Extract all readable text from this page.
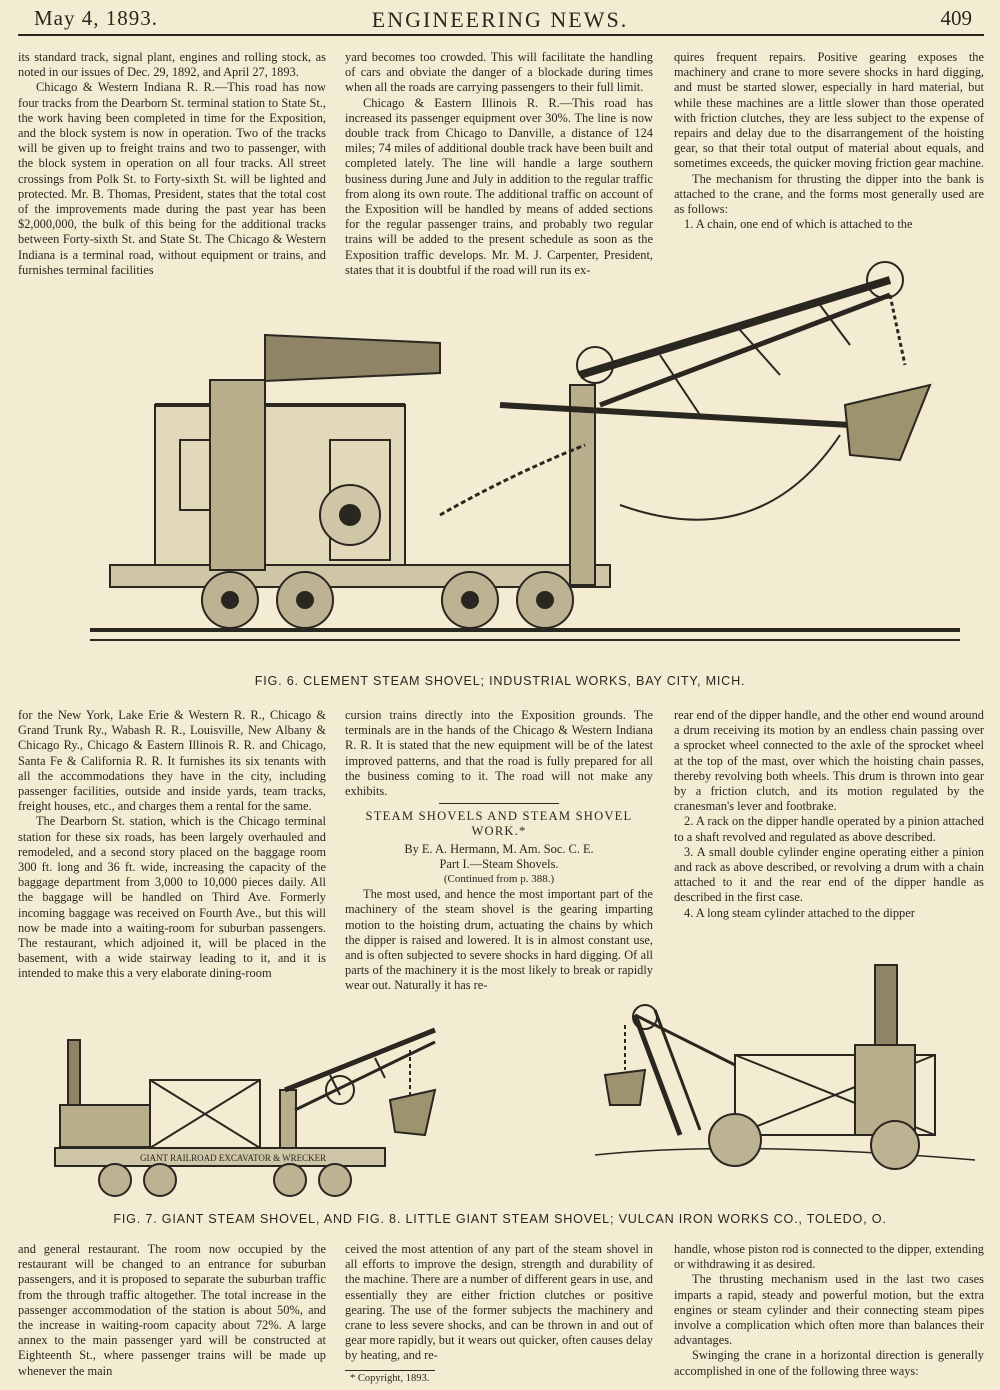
May 4, 1893.	ENGINEERING NEWS.	409

its standard track, signal plant, engines and rolling stock, as noted in our issues of Dec. 29, 1892, and April 27, 1893.

Chicago & Western Indiana R. R.—This road has now four tracks from the Dearborn St. terminal station to State St., the work having been completed in time for the Exposition, and the block system is now in operation. Two of the tracks will be given up to freight trains and two to passenger, with the block system in operation on all four tracks. All street crossings from Polk St. to Forty-sixth St. will be lighted and protected. Mr. B. Thomas, President, states that the total cost of the improvements made during the past year has been $2,000,000, the bulk of this being for the additional tracks between Forty-sixth St. and State St. The Chicago & Western Indiana is a terminal road, without equipment or trains, and furnishes terminal facilities

yard becomes too crowded. This will facilitate the handling of cars and obviate the danger of a blockade during times when all the roads are carrying passengers to their full limit.

Chicago & Eastern Illinois R. R.—This road has increased its passenger equipment over 30%. The line is now double track from Chicago to Danville, a distance of 124 miles; 74 miles of additional double track have been built and completed lately. The line will handle a large southern business during June and July in addition to the regular traffic from along its own route. The additional traffic on account of the Exposition will be handled by means of added sections for the regular passenger trains, and probably two regular trains will be added to the present schedule as soon as the Exposition traffic develops. Mr. M. J. Carpenter, President, states that it is doubtful if the road will run its ex-

quires frequent repairs. Positive gearing exposes the machinery and crane to more severe shocks in hard digging, and must be started slower, especially in hard material, but while these machines are a little slower than those operated with friction clutches, they are less subject to the expense of repairs and delay due to the disarrangement of the hoisting gear, so that their total output of material about equals, and sometimes exceeds, the quicker moving friction gear machine.

The mechanism for thrusting the dipper into the bank is attached to the crane, and the forms most generally used are as follows:

1. A chain, one end of which is attached to the

FIG. 6. CLEMENT STEAM SHOVEL; INDUSTRIAL WORKS, BAY CITY, MICH.

for the New York, Lake Erie & Western R. R., Chicago & Grand Trunk Ry., Wabash R. R., Louisville, New Albany & Chicago Ry., Chicago & Eastern Illinois R. R. and Chicago, Santa Fe & California R. R. It furnishes its six tenants with all the accommodations they have in the city, including passenger facilities, outside and inside yards, team tracks, freight houses, etc., and charges them a rental for the same.

The Dearborn St. station, which is the Chicago terminal station for these six roads, has been largely overhauled and remodeled, and a second story placed on the baggage room 300 ft. long and 36 ft. wide, increasing the capacity of the baggage department from 3,000 to 10,000 pieces daily. All the baggage will be handled on Third Ave. Formerly incoming baggage was received on Fourth Ave., but this will now be made into a waiting-room for suburban passengers. The restaurant, which adjoined it, will be placed in the basement, with a wide stairway leading to it, and it is intended to make this a very elaborate dining-room

cursion trains directly into the Exposition grounds. The terminals are in the hands of the Chicago & Western Indiana R. R. It is stated that the new equipment will be of the latest improved patterns, and that the road is fully prepared for all the business coming to it. The road will not make any exhibits.

STEAM SHOVELS AND STEAM SHOVEL WORK.*

By E. A. Hermann, M. Am. Soc. C. E.

Part I.—Steam Shovels.

(Continued from p. 388.)

The most used, and hence the most important part of the machinery of the steam shovel is the gearing imparting motion to the hoisting drum, actuating the chains by which the dipper is raised and lowered. It is in almost constant use, and is often subjected to severe shocks in hard digging. Of all parts of the machinery it is the most likely to break or rapidly wear out. Naturally it has re-

rear end of the dipper handle, and the other end wound around a drum receiving its motion by an endless chain passing over a sprocket wheel connected to the axle of the sprocket wheel at the top of the mast, over which the hoisting chain passes, thereby revolving both wheels. This drum is thrown into gear by a friction clutch, and its motion regulated by the cranesman's lever and footbrake.

2. A rack on the dipper handle operated by a pinion attached to a shaft revolved and regulated as above described.

3. A small double cylinder engine operating either a pinion and rack as above described, or revolving a drum with a chain attached to it and the rear end of the dipper handle as described in the first case.

4. A long steam cylinder attached to the dipper

GIANT RAILROAD EXCAVATOR & WRECKER
FIG. 7. GIANT STEAM SHOVEL, AND FIG. 8. LITTLE GIANT STEAM SHOVEL; VULCAN IRON WORKS CO., TOLEDO, O.

and general restaurant. The room now occupied by the restaurant will be changed to an entrance for suburban passengers, and it is proposed to separate the suburban traffic from the through traffic altogether. The total increase in the passenger accommodation of the station is about 50%, and the increase in waiting-room capacity about 72%. A large annex to the main passenger yard will be constructed at Eighteenth St., where passenger trains will be made up whenever the main

ceived the most attention of any part of the steam shovel in all efforts to improve the design, strength and durability of the machine. There are a number of different gears in use, and essentially they are either friction clutches or positive gearing. The use of the former subjects the machinery and crane to less severe shocks, and can be thrown in and out of gear more rapidly, but it wears out quicker, often causes delay by heating, and re-

* Copyright, 1893.

handle, whose piston rod is connected to the dipper, extending or withdrawing it as desired.

The thrusting mechanism used in the last two cases imparts a rapid, steady and powerful motion, but the extra engines or steam cylinder and their connecting steam pipes involve a complication which often more than balances their advantages.

Swinging the crane in a horizontal direction is generally accomplished in one of the following three ways:
